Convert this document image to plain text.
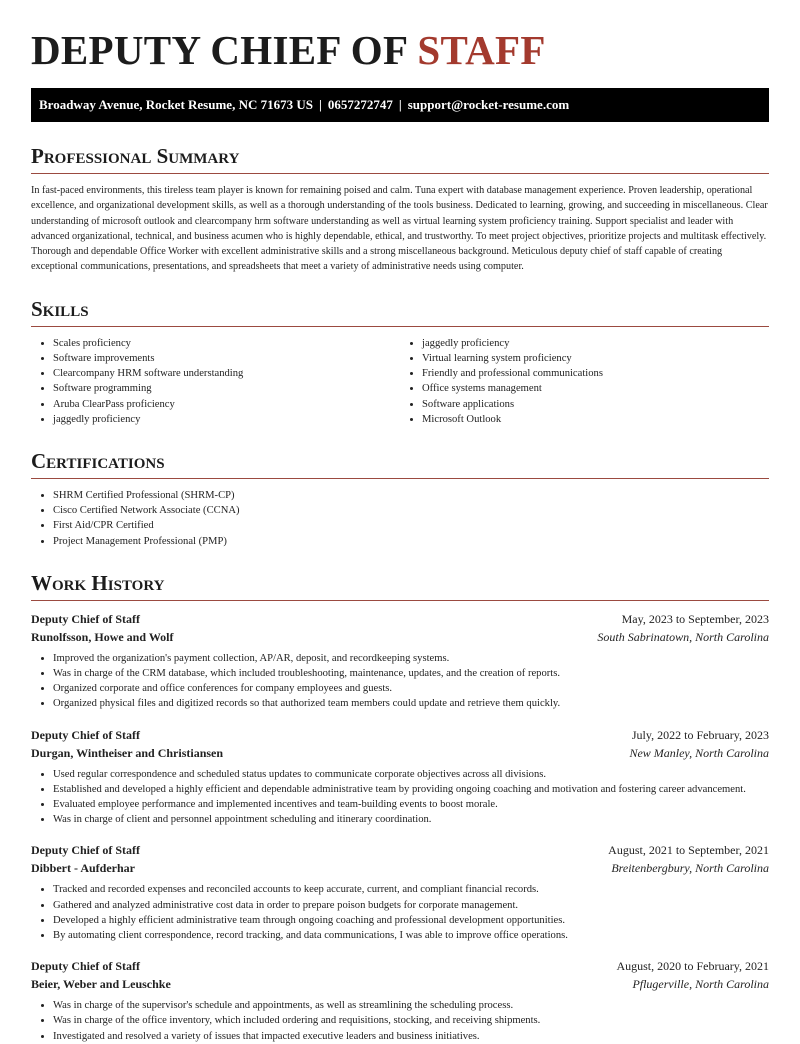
DEPUTY CHIEF OF STAFF
Broadway Avenue, Rocket Resume, NC 71673 US | 0657272747 | support@rocket-resume.com
Professional Summary

In fast-paced environments, this tireless team player is known for remaining poised and calm. Tuna expert with database management experience. Proven leadership, operational excellence, and organizational development skills, as well as a thorough understanding of the tools business. Dedicated to learning, growing, and succeeding in miscellaneous. Clear understanding of microsoft outlook and clearcompany hrm software understanding as well as virtual learning system proficiency training. Support specialist and leader with advanced organizational, technical, and business acumen who is highly dependable, ethical, and trustworthy. To meet project objectives, prioritize projects and multitask effectively. Thorough and dependable Office Worker with excellent administrative skills and a strong miscellaneous background. Meticulous deputy chief of staff capable of creating exceptional communications, presentations, and spreadsheets that meet a variety of administrative needs using computer.

Skills
• Scales proficiency
• Software improvements
• Clearcompany HRM software understanding
• Software programming
• Aruba ClearPass proficiency
• jaggedly proficiency
• jaggedly proficiency
• Virtual learning system proficiency
• Friendly and professional communications
• Office systems management
• Software applications
• Microsoft Outlook
Certifications
• SHRM Certified Professional (SHRM-CP)
• Cisco Certified Network Associate (CCNA)
• First Aid/CPR Certified
• Project Management Professional (PMP)
Work History
Deputy Chief of Staff	May, 2023 to September, 2023
Runolfsson, Howe and Wolf	South Sabrinatown, North Carolina
• Improved the organization's payment collection, AP/AR, deposit, and recordkeeping systems.
• Was in charge of the CRM database, which included troubleshooting, maintenance, updates, and the creation of reports.
• Organized corporate and office conferences for company employees and guests.
• Organized physical files and digitized records so that authorized team members could update and retrieve them quickly.
Deputy Chief of Staff	July, 2022 to February, 2023
Durgan, Wintheiser and Christiansen	New Manley, North Carolina
• Used regular correspondence and scheduled status updates to communicate corporate objectives across all divisions.
• Established and developed a highly efficient and dependable administrative team by providing ongoing coaching and motivation and fostering career advancement.
• Evaluated employee performance and implemented incentives and team-building events to boost morale.
• Was in charge of client and personnel appointment scheduling and itinerary coordination.
Deputy Chief of Staff	August, 2021 to September, 2021
Dibbert - Aufderhar	Breitenbergbury, North Carolina
• Tracked and recorded expenses and reconciled accounts to keep accurate, current, and compliant financial records.
• Gathered and analyzed administrative cost data in order to prepare poison budgets for corporate management.
• Developed a highly efficient administrative team through ongoing coaching and professional development opportunities.
• By automating client correspondence, record tracking, and data communications, I was able to improve office operations.
Deputy Chief of Staff	August, 2020 to February, 2021
Beier, Weber and Leuschke	Pflugerville, North Carolina
• Was in charge of the supervisor's schedule and appointments, as well as streamlining the scheduling process.
• Was in charge of the office inventory, which included ordering and requisitions, stocking, and receiving shipments.
• Investigated and resolved a variety of issues that impacted executive leaders and business initiatives.
